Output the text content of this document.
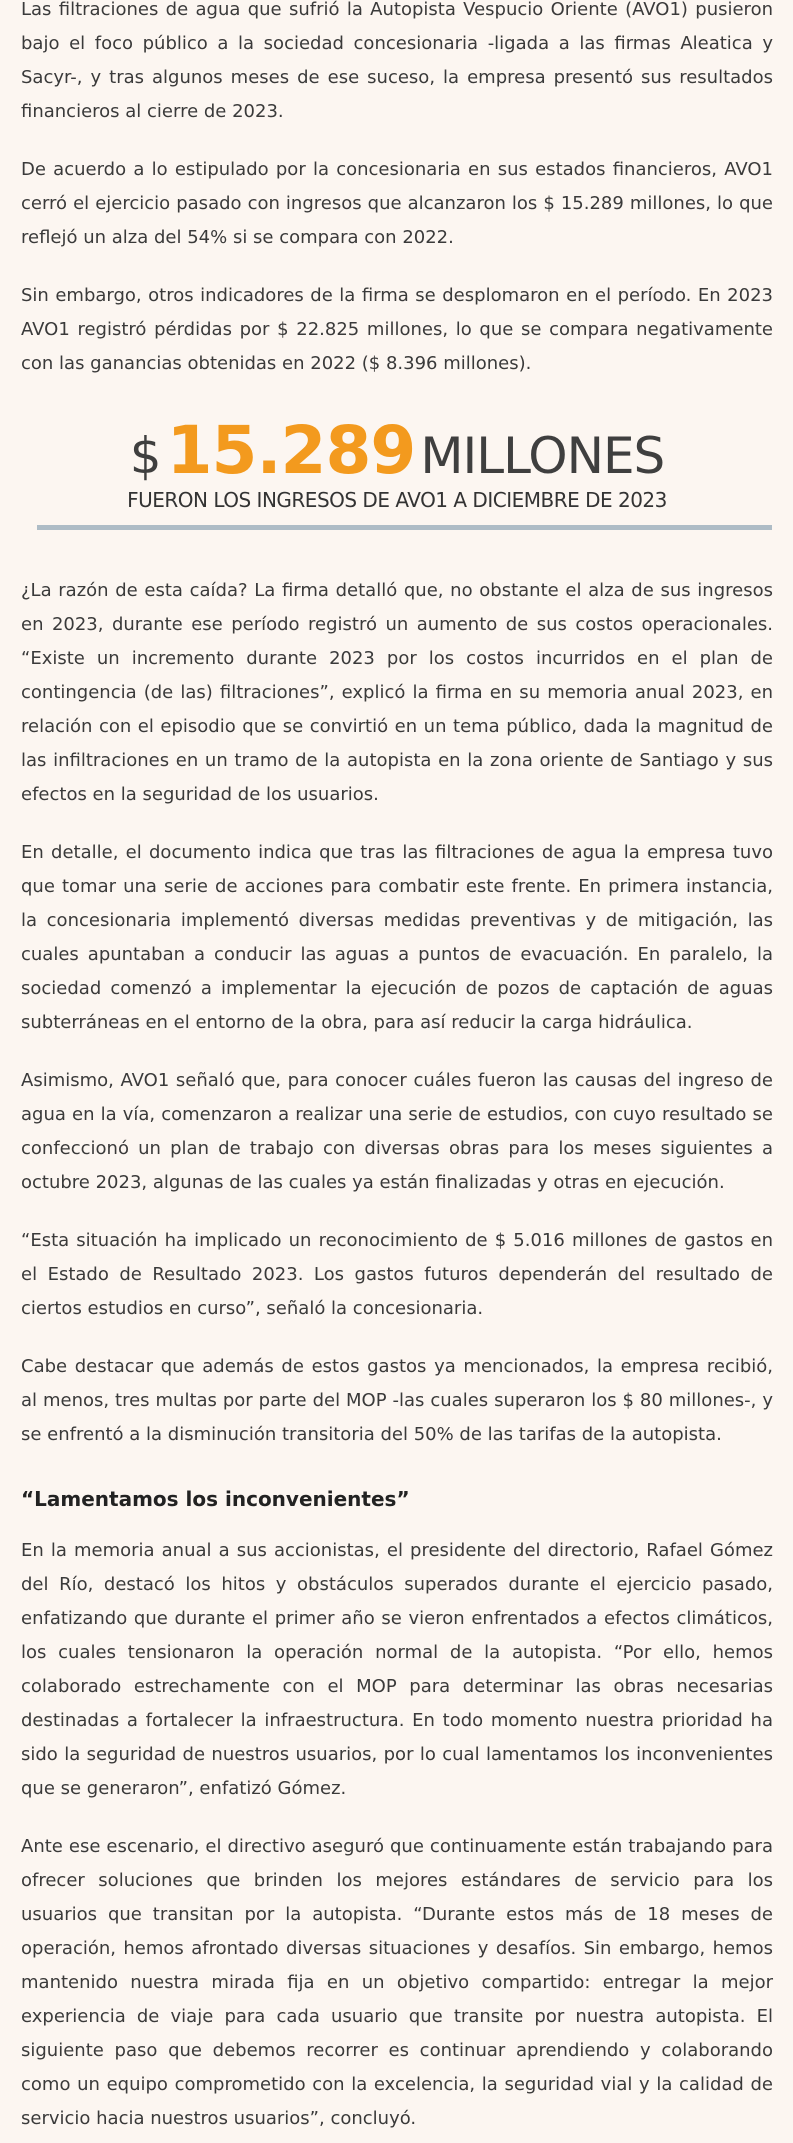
Las filtraciones de agua que sufrió la Autopista Vespucio Oriente (AVO1) pusieron bajo el foco público a la sociedad concesionaria -ligada a las firmas Aleatica y Sacyr-, y tras algunos meses de ese suceso, la empresa presentó sus resultados financieros al cierre de 2023.

De acuerdo a lo estipulado por la concesionaria en sus estados financieros, AVO1 cerró el ejercicio pasado con ingresos que alcanzaron los $ 15.289 millones, lo que reflejó un alza del 54% si se compara con 2022.

Sin embargo, otros indicadores de la firma se desplomaron en el período. En 2023 AVO1 registró pérdidas por $ 22.825 millones, lo que se compara negativamente con las ganancias obtenidas en 2022 ($ 8.396 millones).

$ 15.289 MILLONES
FUERON LOS INGRESOS DE AVO1 A DICIEMBRE DE 2023

¿La razón de esta caída? La firma detalló que, no obstante el alza de sus ingresos en 2023, durante ese período registró un aumento de sus costos operacionales. “Existe un incremento durante 2023 por los costos incurridos en el plan de contingencia (de las) filtraciones”, explicó la firma en su memoria anual 2023, en relación con el episodio que se convirtió en un tema público, dada la magnitud de las infiltraciones en un tramo de la autopista en la zona oriente de Santiago y sus efectos en la seguridad de los usuarios.

En detalle, el documento indica que tras las filtraciones de agua la empresa tuvo que tomar una serie de acciones para combatir este frente. En primera instancia, la concesionaria implementó diversas medidas preventivas y de mitigación, las cuales apuntaban a conducir las aguas a puntos de evacuación. En paralelo, la sociedad comenzó a implementar la ejecución de pozos de captación de aguas subterráneas en el entorno de la obra, para así reducir la carga hidráulica.

Asimismo, AVO1 señaló que, para conocer cuáles fueron las causas del ingreso de agua en la vía, comenzaron a realizar una serie de estudios, con cuyo resultado se confeccionó un plan de trabajo con diversas obras para los meses siguientes a octubre 2023, algunas de las cuales ya están finalizadas y otras en ejecución.

“Esta situación ha implicado un reconocimiento de $ 5.016 millones de gastos en el Estado de Resultado 2023. Los gastos futuros dependerán del resultado de ciertos estudios en curso”, señaló la concesionaria.

Cabe destacar que además de estos gastos ya mencionados, la empresa recibió, al menos, tres multas por parte del MOP -las cuales superaron los $ 80 millones-, y se enfrentó a la disminución transitoria del 50% de las tarifas de la autopista.

“Lamentamos los inconvenientes”

En la memoria anual a sus accionistas, el presidente del directorio, Rafael Gómez del Río, destacó los hitos y obstáculos superados durante el ejercicio pasado, enfatizando que durante el primer año se vieron enfrentados a efectos climáticos, los cuales tensionaron la operación normal de la autopista. “Por ello, hemos colaborado estrechamente con el MOP para determinar las obras necesarias destinadas a fortalecer la infraestructura. En todo momento nuestra prioridad ha sido la seguridad de nuestros usuarios, por lo cual lamentamos los inconvenientes que se generaron”, enfatizó Gómez.

Ante ese escenario, el directivo aseguró que continuamente están trabajando para ofrecer soluciones que brinden los mejores estándares de servicio para los usuarios que transitan por la autopista. “Durante estos más de 18 meses de operación, hemos afrontado diversas situaciones y desafíos. Sin embargo, hemos mantenido nuestra mirada fija en un objetivo compartido: entregar la mejor experiencia de viaje para cada usuario que transite por nuestra autopista. El siguiente paso que debemos recorrer es continuar aprendiendo y colaborando como un equipo comprometido con la excelencia, la seguridad vial y la calidad de servicio hacia nuestros usuarios”, concluyó.
